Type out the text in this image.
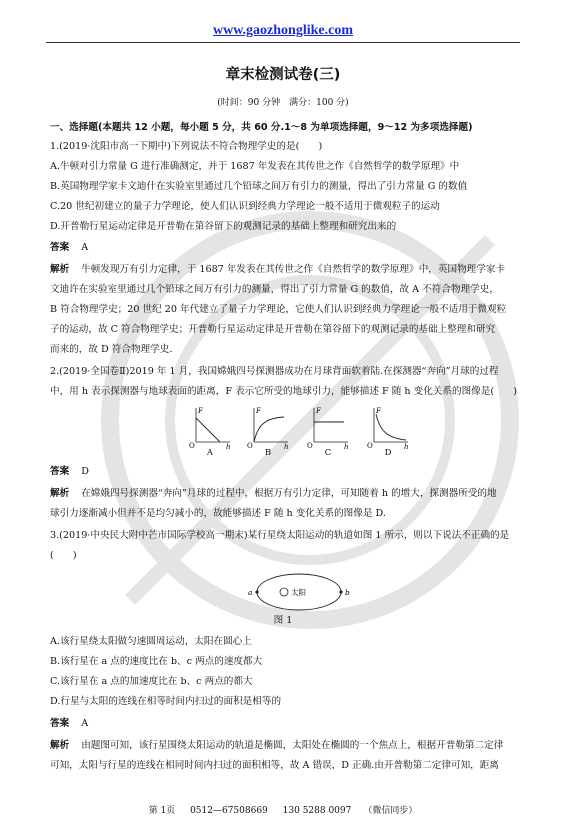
www.gaozhonglike.com
章末检测试卷(三)
(时间：90 分钟　满分：100 分)
一、选择题(本题共 12 小题，每小题 5 分，共 60 分.1～8 为单项选择题，9～12 为多项选择题)
1.(2019·沈阳市高一下期中)下列说法不符合物理学史的是(　　)
A.牛顿对引力常量 G 进行准确测定，并于 1687 年发表在其传世之作《自然哲学的数学原理》中
B.英国物理学家卡文迪什在实验室里通过几个铅球之间万有引力的测量，得出了引力常量 G 的数值
C.20 世纪初建立的量子力学理论，使人们认识到经典力学理论一般不适用于微观粒子的运动
D.开普勒行星运动定律是开普勒在第谷留下的观测记录的基础上整理和研究出来的
答案 A
解析 牛顿发现万有引力定律，于 1687 年发表在其传世之作《自然哲学的数学原理》中，英国物理学家卡
文迪许在实验室里通过几个铅球之间万有引力的测量，得出了引力常量 G 的数值，故 A 不符合物理学史，
B 符合物理学史；20 世纪 20 年代建立了量子力学理论，它使人们认识到经典力学理论一般不适用于微观粒
子的运动，故 C 符合物理学史；开普勒行星运动定律是开普勒在第谷留下的观测记录的基础上整理和研究
而来的，故 D 符合物理学史.
2.(2019·全国卷Ⅱ)2019 年 1 月，我国嫦娥四号探测器成功在月球背面软着陆.在探测器“奔向”月球的过程
中，用 h 表示探测器与地球表面的距离，F 表示它所受的地球引力，能够描述 F 随 h 变化关系的图像是(　　)
F
h
O
A
F
h
O
B
F
h
O
C
F
h
O
D
答案 D
解析 在嫦娥四号探测器“奔向”月球的过程中，根据万有引力定律，可知随着 h 的增大，探测器所受的地
球引力逐渐减小但并不是均匀减小的，故能够描述 F 随 h 变化关系的图像是 D.
3.(2019·中央民大附中芒市国际学校高一期末)某行星绕太阳运动的轨道如图 1 所示，则以下说法不正确的是
(　　)
太阳
a	b
图 1
A.该行星绕太阳做匀速圆周运动，太阳在圆心上
B.该行星在 a 点的速度比在 b、c 两点的速度都大
C.该行星在 a 点的加速度比在 b、c 两点的都大
D.行星与太阳的连线在相等时间内扫过的面积是相等的
答案 A
解析 由题图可知，该行星围绕太阳运动的轨道是椭圆，太阳处在椭圆的一个焦点上，根据开普勒第二定律
可知，太阳与行星的连线在相同时间内扫过的面积相等，故 A 错误，D 正确.由开普勒第二定律可知，距离
第 1页 0512—67508669 130 5288 0097 （微信同步）
